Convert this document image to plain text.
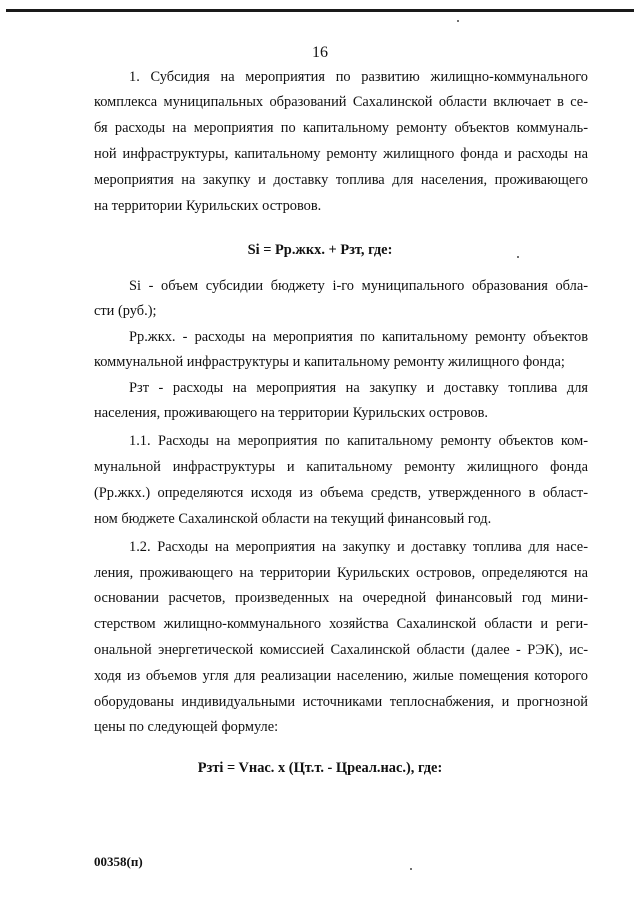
16
1. Субсидия на мероприятия по развитию жилищно-коммунального
комплекса муниципальных образований Сахалинской области включает в се-
бя расходы на мероприятия по капитальному ремонту объектов коммуналь-
ной инфраструктуры, капитальному ремонту жилищного фонда и расходы на
мероприятия на закупку и доставку топлива для населения, проживающего
на территории Курильских островов.
Si = Рр.жкх. + Рзт, где:
Si - объем субсидии бюджету i-го муниципального образования обла-
сти (руб.);
Рр.жкх. - расходы на мероприятия по капитальному ремонту объектов
коммунальной инфраструктуры и капитальному ремонту жилищного фонда;
Рзт - расходы на мероприятия на закупку и доставку топлива для
населения, проживающего на территории Курильских островов.
1.1. Расходы на мероприятия по капитальному ремонту объектов ком-
мунальной инфраструктуры и капитальному ремонту жилищного фонда
(Рр.жкх.) определяются исходя из объема средств, утвержденного в област-
ном бюджете Сахалинской области на текущий финансовый год.
1.2. Расходы на мероприятия на закупку и доставку топлива для насе-
ления, проживающего на территории Курильских островов, определяются на
основании расчетов, произведенных на очередной финансовый год мини-
стерством жилищно-коммунального хозяйства Сахалинской области и реги-
ональной энергетической комиссией Сахалинской области (далее - РЭК), ис-
ходя из объемов угля для реализации населению, жилые помещения которого
оборудованы индивидуальными источниками теплоснабжения, и прогнозной
цены по следующей формуле:
Рзтi = Vнас. x (Цт.т. - Цреал.нас.), где:
00358(п)
